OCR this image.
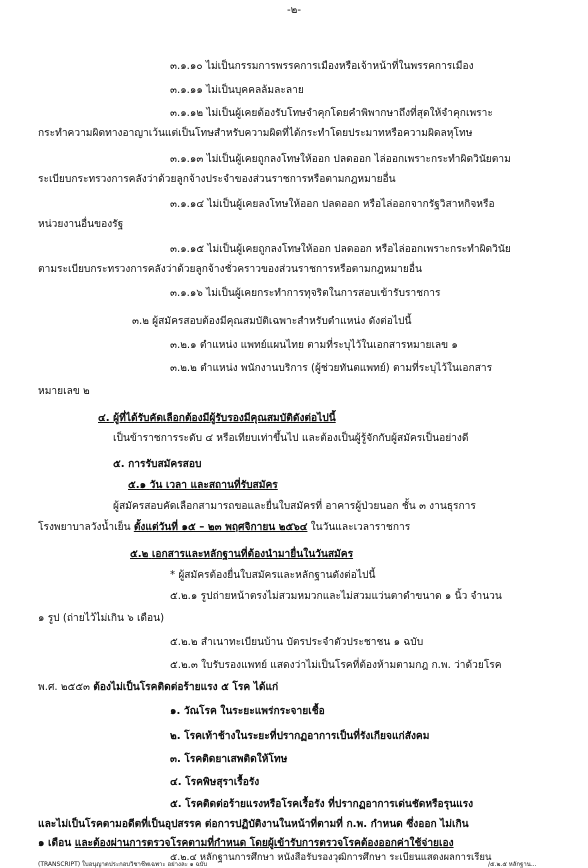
-๒-
๓.๑.๑๐ ไม่เป็นกรรมการพรรคการเมืองหรือเจ้าหน้าที่ในพรรคการเมือง
๓.๑.๑๑ ไม่เป็นบุคคลล้มละลาย
๓.๑.๑๒ ไม่เป็นผู้เคยต้องรับโทษจำคุกโดยคำพิพากษาถึงที่สุดให้จำคุกเพราะ
กระทำความผิดทางอาญาเว้นแต่เป็นโทษสำหรับความผิดที่ได้กระทำโดยประมาทหรือความผิดลหุโทษ
๓.๑.๑๓ ไม่เป็นผู้เคยถูกลงโทษให้ออก ปลดออก ไล่ออกเพราะกระทำผิดวินัยตาม
ระเบียบกระทรวงการคลังว่าด้วยลูกจ้างประจำของส่วนราชการหรือตามกฎหมายอื่น
๓.๑.๑๔ ไม่เป็นผู้เคยลงโทษให้ออก ปลดออก หรือไล่ออกจากรัฐวิสาหกิจหรือ
หน่วยงานอื่นของรัฐ
๓.๑.๑๕ ไม่เป็นผู้เคยถูกลงโทษให้ออก ปลดออก หรือไล่ออกเพราะกระทำผิดวินัย
ตามระเบียบกระทรวงการคลังว่าด้วยลูกจ้างชั่วคราวของส่วนราชการหรือตามกฎหมายอื่น
๓.๑.๑๖ ไม่เป็นผู้เคยกระทำการทุจริตในการสอบเข้ารับราชการ
๓.๒ ผู้สมัครสอบต้องมีคุณสมบัติเฉพาะสำหรับตำแหน่ง ดังต่อไปนี้
๓.๒.๑ ตำแหน่ง แพทย์แผนไทย ตามที่ระบุไว้ในเอกสารหมายเลข ๑
๓.๒.๒ ตำแหน่ง พนักงานบริการ (ผู้ช่วยทันตแพทย์) ตามที่ระบุไว้ในเอกสาร
หมายเลข ๒
๔. ผู้ที่ได้รับคัดเลือกต้องมีผู้รับรองมีคุณสมบัติดังต่อไปนี้
เป็นข้าราชการระดับ ๔ หรือเทียบเท่าขึ้นไป และต้องเป็นผู้รู้จักกับผู้สมัครเป็นอย่างดี
๕. การรับสมัครสอบ
๕.๑ วัน เวลา และสถานที่รับสมัคร
ผู้สมัครสอบคัดเลือกสามารถขอและยื่นใบสมัครที่ อาคารผู้ป่วยนอก ชั้น ๓ งานธุรการ
โรงพยาบาลวังน้ำเย็น ตั้งแต่วันที่ ๑๕ – ๒๓ พฤศจิกายน ๒๕๖๔ ในวันและเวลาราชการ
๕.๒ เอกสารและหลักฐานที่ต้องนำมายื่นในวันสมัคร
* ผู้สมัครต้องยื่นใบสมัครและหลักฐานดังต่อไปนี้
๕.๒.๑ รูปถ่ายหน้าตรงไม่สวมหมวกและไม่สวมแว่นตาดำขนาด ๑ นิ้ว จำนวน
๑ รูป (ถ่ายไว้ไม่เกิน ๖ เดือน)
๕.๒.๒ สำเนาทะเบียนบ้าน บัตรประจำตัวประชาชน ๑ ฉบับ
๕.๒.๓ ใบรับรองแพทย์ แสดงว่าไม่เป็นโรคที่ต้องห้ามตามกฎ ก.พ. ว่าด้วยโรค
พ.ศ. ๒๕๕๓ ต้องไม่เป็นโรคติดต่อร้ายแรง ๕ โรค ได้แก่
๑. วัณโรค ในระยะแพร่กระจายเชื้อ
๒. โรคเท้าช้างในระยะที่ปรากฏอาการเป็นที่รังเกียจแก่สังคม
๓. โรคติดยาเสพติดให้โทษ
๔. โรคพิษสุราเรื้อรัง
๕. โรคติดต่อร้ายแรงหรือโรคเรื้อรัง ที่ปรากฏอาการเด่นชัดหรือรุนแรง
และไม่เป็นโรคตามอดีตที่เป็นอุปสรรค ต่อการปฏิบัติงานในหน้าที่ตามที่ ก.พ. กำหนด ซึ่งออก ไม่เกิน
๑ เดือน และต้องผ่านการตรวจโรคตามที่กำหนด โดยผู้เข้ารับการตรวจโรคต้องออกค่าใช้จ่ายเอง
๕.๒.๔ หลักฐานการศึกษา หนังสือรับรองวุฒิการศึกษา ระเบียนแสดงผลการเรียน
(TRANSCRIPT) ใบอนุญาตประกอบวิชาชีพเฉพาะ อย่างละ ๑ ฉบับ	/๕.๒.๕ หลักฐาน...
